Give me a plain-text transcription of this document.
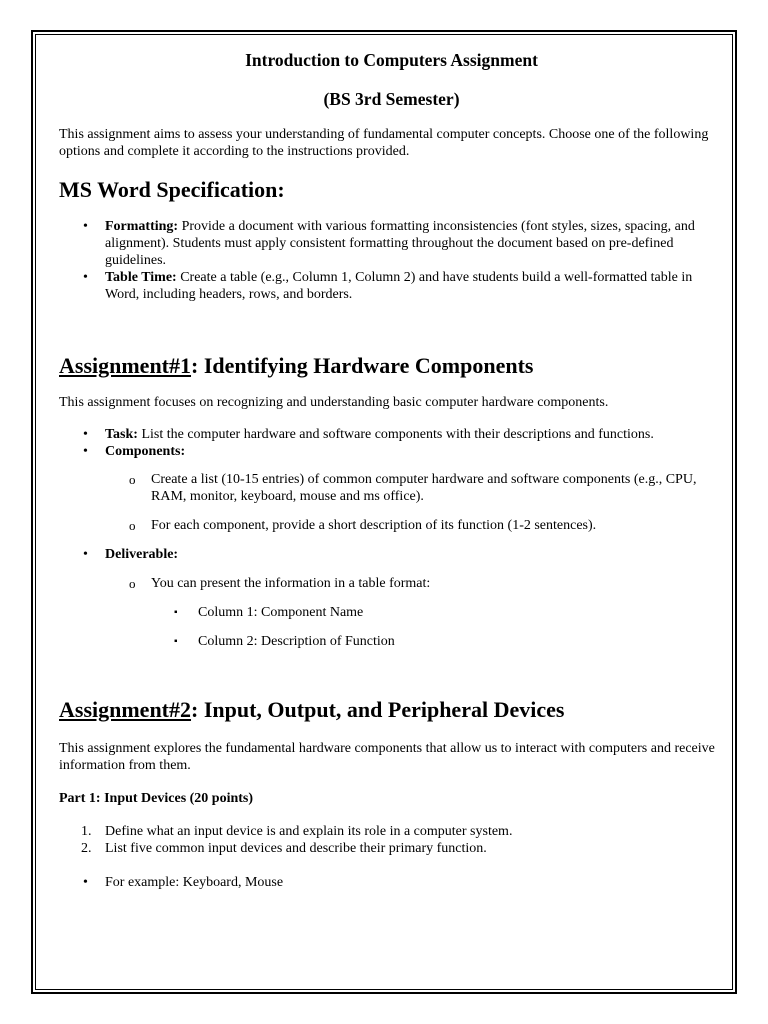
Introduction to Computers Assignment
(BS 3rd Semester)

This assignment aims to assess your understanding of fundamental computer concepts. Choose one of the following options and complete it according to the instructions provided.

MS Word Specification:
• Formatting: Provide a document with various formatting inconsistencies (font styles, sizes, spacing, and alignment). Students must apply consistent formatting throughout the document based on pre-defined guidelines.
• Table Time: Create a table (e.g., Column 1, Column 2) and have students build a well-formatted table in Word, including headers, rows, and borders.
Assignment#1: Identifying Hardware Components

This assignment focuses on recognizing and understanding basic computer hardware components.

• Task: List the computer hardware and software components with their descriptions and functions.
• Components:
o Create a list (10-15 entries) of common computer hardware and software components (e.g., CPU, RAM, monitor, keyboard, mouse and ms office).
o For each component, provide a short description of its function (1-2 sentences).
• Deliverable:
o You can present the information in a table format:
▪ Column 1: Component Name
▪ Column 2: Description of Function
Assignment#2: Input, Output, and Peripheral Devices

This assignment explores the fundamental hardware components that allow us to interact with computers and receive information from them.

Part 1: Input Devices (20 points)

1. Define what an input device is and explain its role in a computer system.
2. List five common input devices and describe their primary function.
• For example: Keyboard, Mouse
